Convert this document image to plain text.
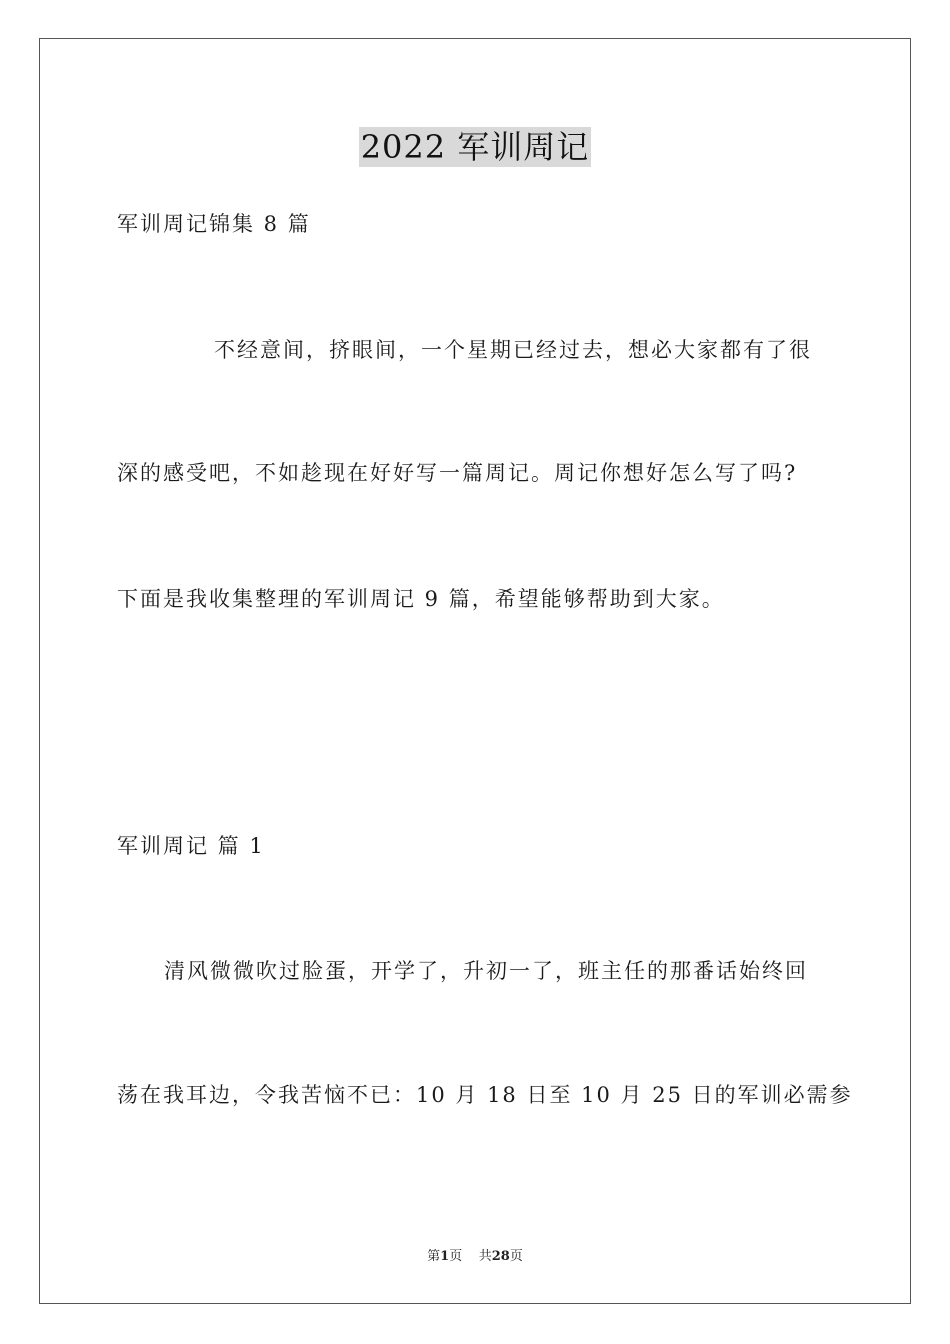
2022 军训周记
军训周记锦集 8 篇
不经意间，挤眼间，一个星期已经过去，想必大家都有了很
深的感受吧，不如趁现在好好写一篇周记。周记你想好怎么写了吗?
下面是我收集整理的军训周记 9 篇，希望能够帮助到大家。
军训周记 篇 1
清风微微吹过脸蛋，开学了，升初一了，班主任的那番话始终回
荡在我耳边，令我苦恼不已：10 月 18 日至 10 月 25 日的军训必需参
第1页    共28页
